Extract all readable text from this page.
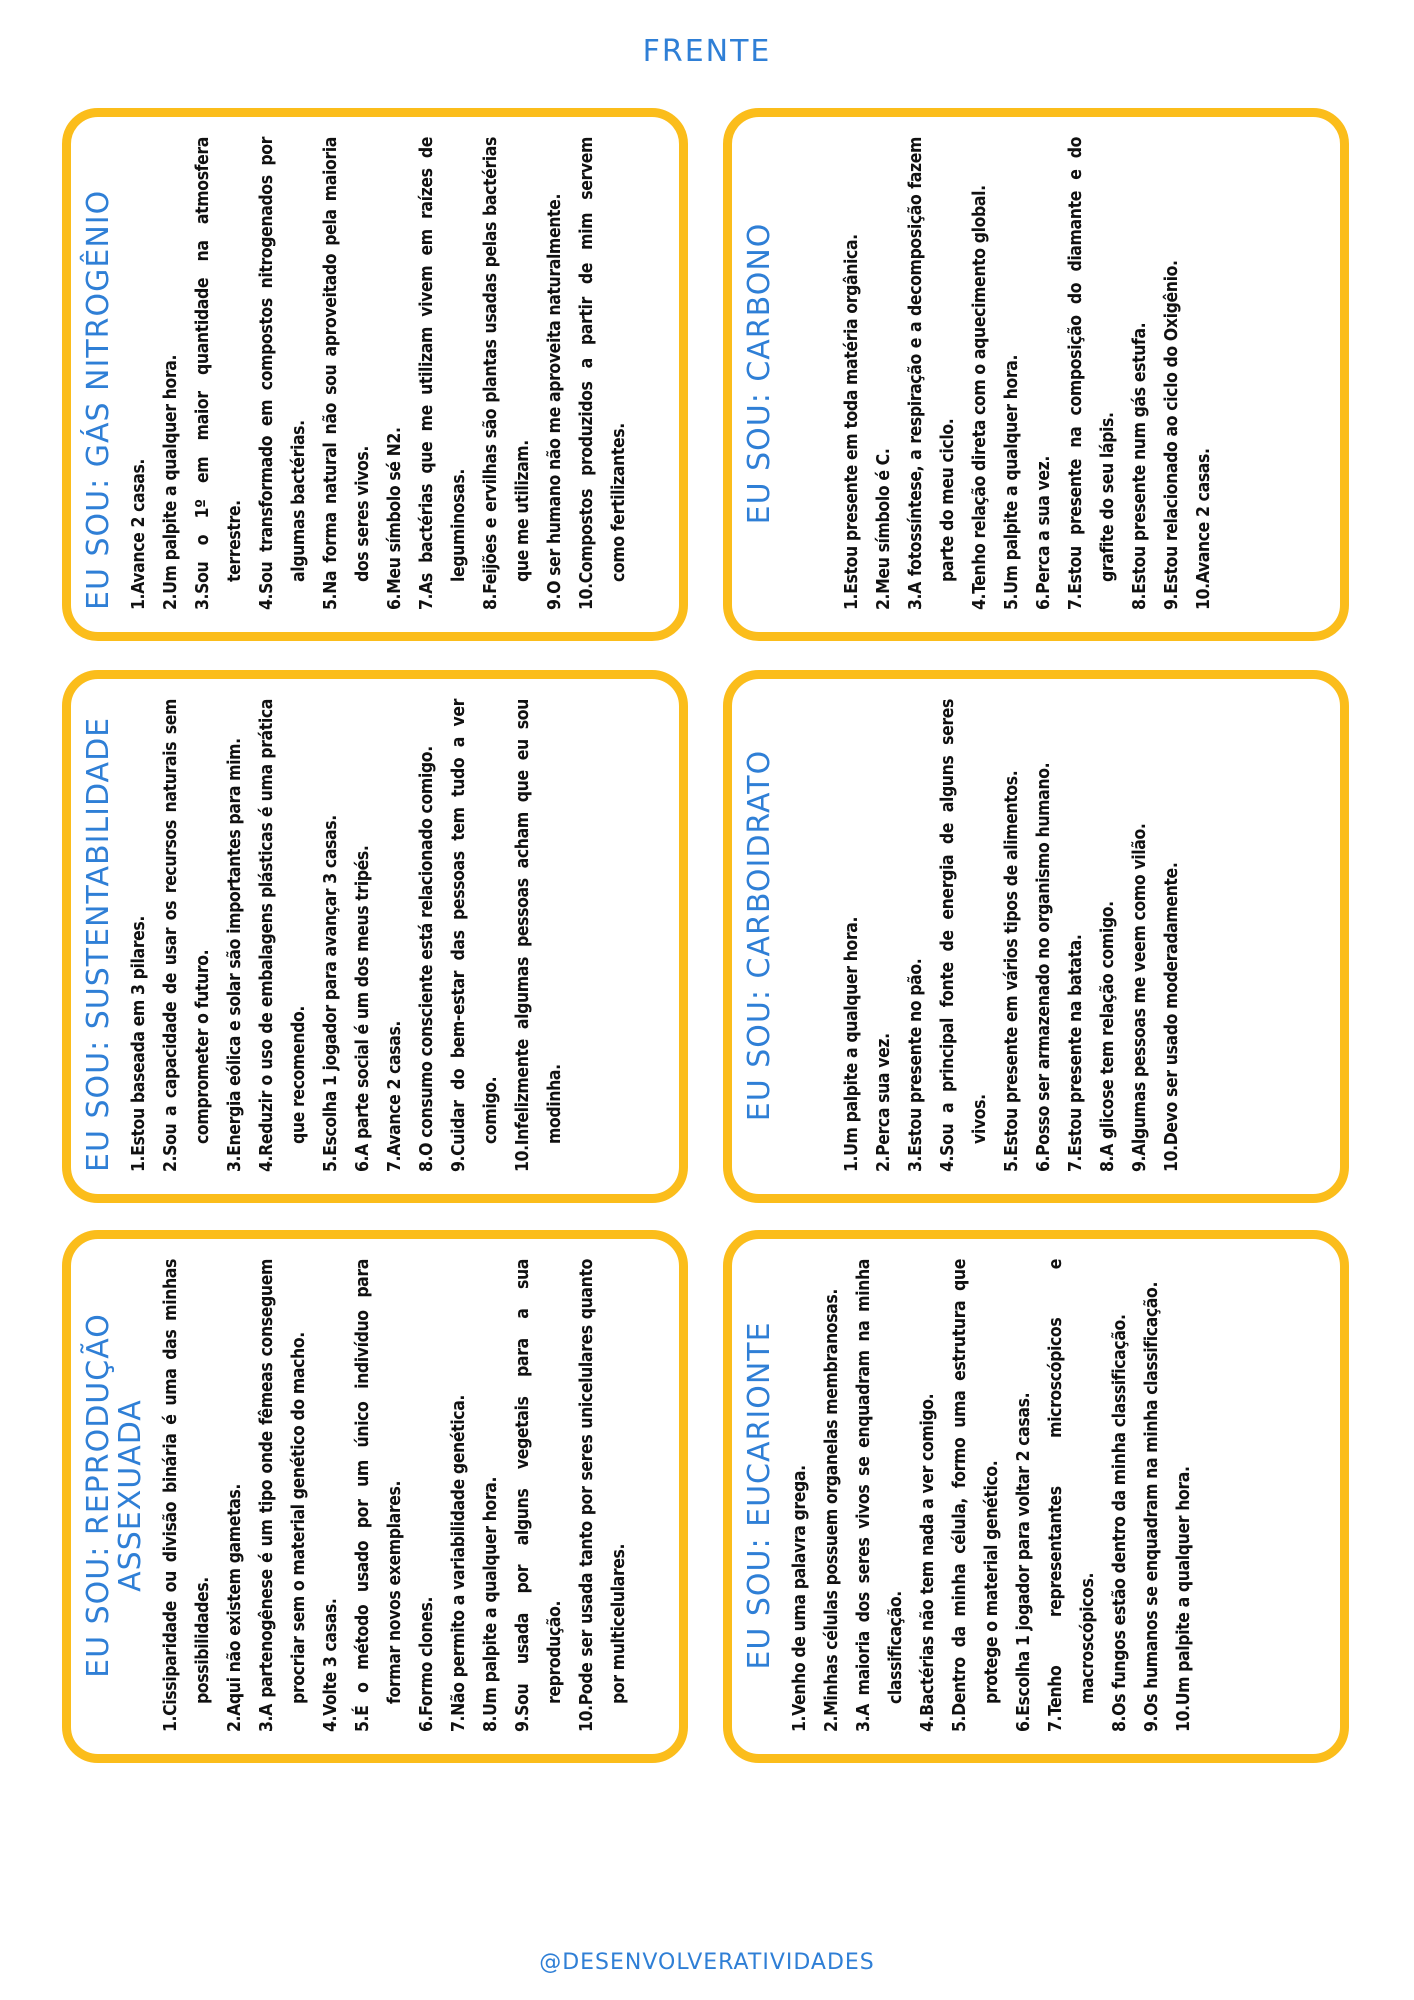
FRENTE
EU SOU: GÁS NITROGÊNIO 1.Avance 2 casas. 2.Um palpite a qualquer hora. 3.Sou o 1º em maior quantidade na atmosfera terrestre. 4.Sou transformado em compostos nitrogenados por algumas bactérias. 5.Na forma natural não sou aproveitado pela maioria dos seres vivos. 6.Meu símbolo sé N2. 7.As bactérias que me utilizam vivem em raízes de leguminosas. 8.Feijões e ervilhas são plantas usadas pelas bactérias que me utilizam. 9.O ser humano não me aproveita naturalmente. 10.Compostos produzidos a partir de mim servem como fertilizantes.
EU SOU: SUSTENTABILIDADE 1.Estou baseada em 3 pilares. 2.Sou a capacidade de usar os recursos naturais sem comprometer o futuro. 3.Energia eólica e solar são importantes para mim. 4.Reduzir o uso de embalagens plásticas é uma prática que recomendo. 5.Escolha 1 jogador para avançar 3 casas. 6.A parte social é um dos meus tripés. 7.Avance 2 casas. 8.O consumo consciente está relacionado comigo. 9.Cuidar do bem-estar das pessoas tem tudo a ver comigo. 10.Infelizmente algumas pessoas acham que eu sou modinha.
EU SOU: REPRODUÇÃO ASSEXUADA 1.Cissiparidade ou divisão binária é uma das minhas possibilidades. 2.Aqui não existem gametas. 3.A partenogênese é um tipo onde fêmeas conseguem procriar sem o material genético do macho. 4.Volte 3 casas. 5.É o método usado por um único indivíduo para formar novos exemplares. 6.Formo clones. 7.Não permito a variabilidade genética. 8.Um palpite a qualquer hora. 9.Sou usada por alguns vegetais para a sua reprodução. 10.Pode ser usada tanto por seres unicelulares quanto por multicelulares.
EU SOU: CARBONO	1.Estou presente em toda matéria orgânica. 2.Meu símbolo é C. 3.A fotossíntese, a respiração e a decomposição fazem parte do meu ciclo. 4.Tenho relação direta com o aquecimento global. 5.Um palpite a qualquer hora. 6.Perca a sua vez. 7.Estou presente na composição do diamante e do grafite do seu lápis. 8.Estou presente num gás estufa. 9.Estou relacionado ao ciclo do Oxigênio. 10.Avance 2 casas.
EU SOU: CARBOIDRATO	1.Um palpite a qualquer hora. 2.Perca sua vez. 3.Estou presente no pão. 4.Sou a principal fonte de energia de alguns seres vivos. 5.Estou presente em vários tipos de alimentos. 6.Posso ser armazenado no organismo humano. 7.Estou presente na batata. 8.A glicose tem relação comigo. 9.Algumas pessoas me veem como vilão. 10.Devo ser usado moderadamente.
EU SOU: EUCARIONTE 1.Venho de uma palavra grega. 2.Minhas células possuem organelas membranosas. 3.A maioria dos seres vivos se enquadram na minha classificação. 4.Bactérias não tem nada a ver comigo. 5.Dentro da minha célula, formo uma estrutura que protege o material genético. 6.Escolha 1 jogador para voltar 2 casas. 7.Tenho representantes microscópicos e macroscópicos. 8.Os fungos estão dentro da minha classificação. 9.Os humanos se enquadram na minha classificação. 10.Um palpite a qualquer hora.
@DESENVOLVERATIVIDADES
